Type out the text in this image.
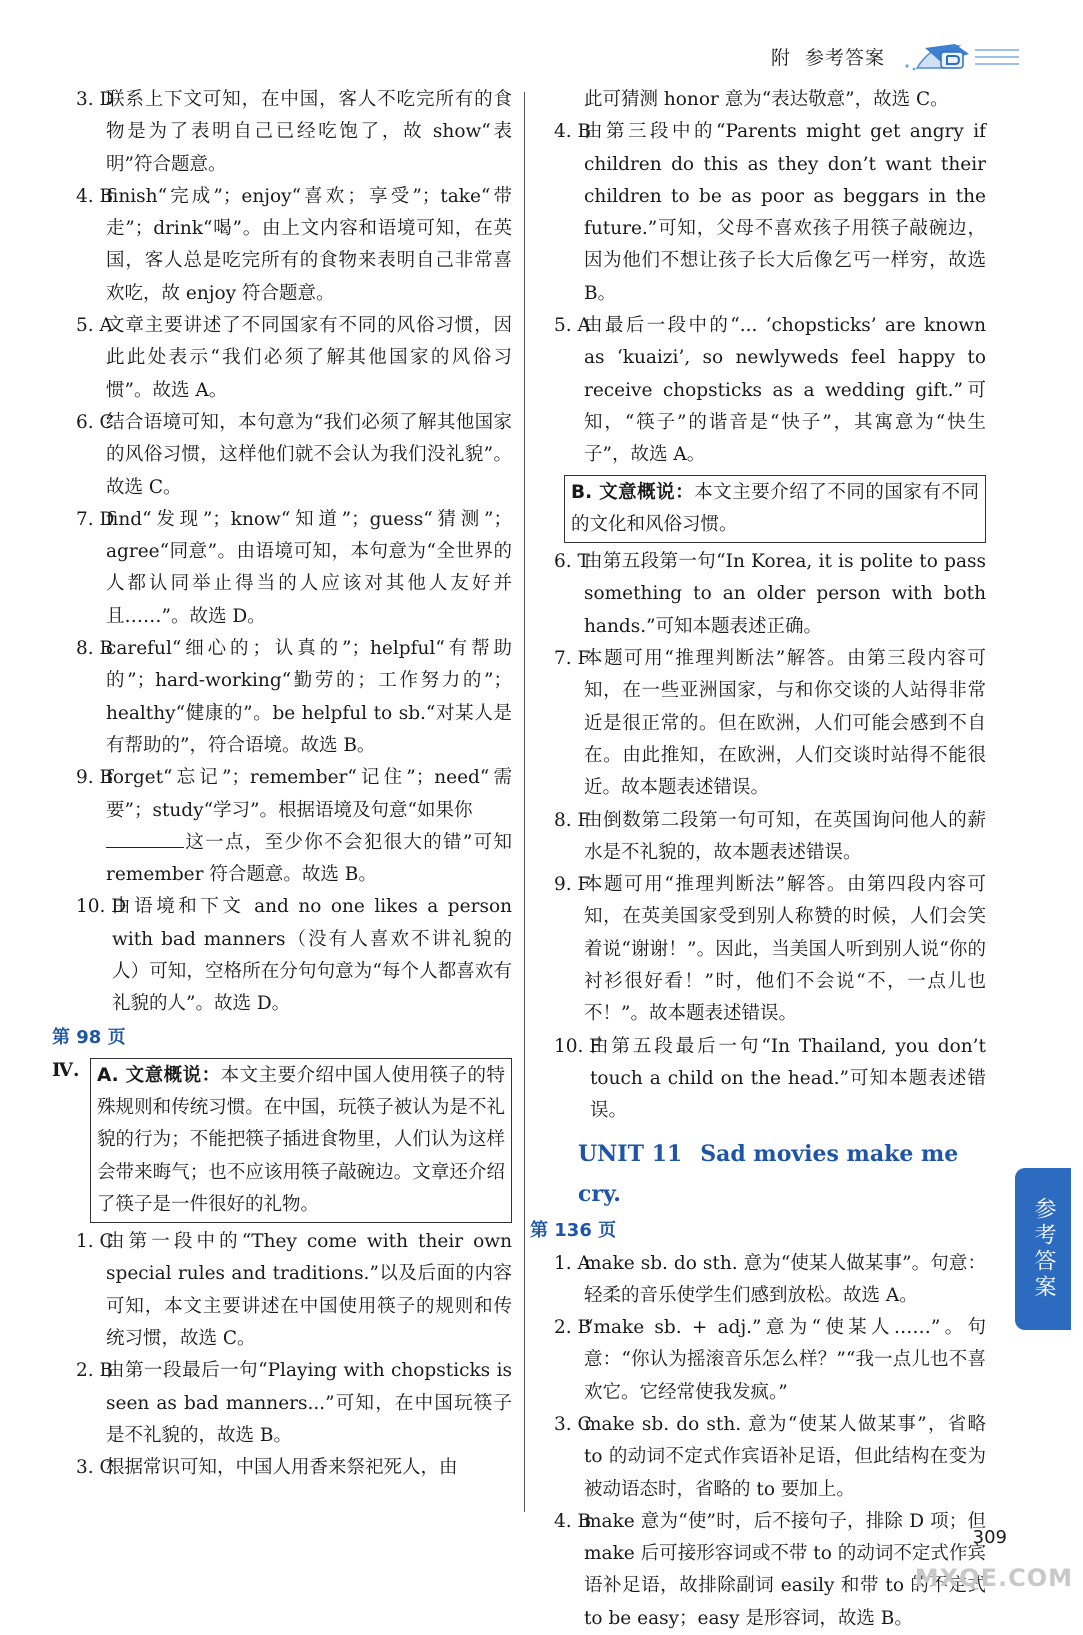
附 参考答案
3. D
联系上下文可知，在中国，客人不吃完所有的食物是为了表明自己已经吃饱了，故 show“表明”符合题意。
4. B
finish“完成”；enjoy“喜欢；享受”；take“带走”；drink“喝”。由上文内容和语境可知，在英国，客人总是吃完所有的食物来表明自己非常喜欢吃，故 enjoy 符合题意。
5. A
文章主要讲述了不同国家有不同的风俗习惯，因此此处表示“我们必须了解其他国家的风俗习惯”。故选 A。
6. C
结合语境可知，本句意为“我们必须了解其他国家的风俗习惯，这样他们就不会认为我们没礼貌”。故选 C。
7. D
find“发现”；know“知道”；guess“猜测”；agree“同意”。由语境可知，本句意为“全世界的人都认同举止得当的人应该对其他人友好并且……”。故选 D。
8. B
careful“细心的；认真的”；helpful“有帮助的”；hard-working“勤劳的；工作努力的”；healthy“健康的”。be helpful to sb.“对某人是有帮助的”，符合语境。故选 B。
9. B
forget“忘记”；remember“记住”；need“需要”；study“学习”。根据语境及句意“如果你
这一点，至少你不会犯很大的错”可知 remember 符合题意。故选 B。
10. D
由语境和下文 and no one likes a person with bad manners（没有人喜欢不讲礼貌的人）可知，空格所在分句句意为“每个人都喜欢有礼貌的人”。故选 D。
第 98 页
Ⅳ. A. 文意概说：本文主要介绍中国人使用筷子的特殊规则和传统习惯。在中国，玩筷子被认为是不礼貌的行为；不能把筷子插进食物里，人们认为这样会带来晦气；也不应该用筷子敲碗边。文章还介绍了筷子是一件很好的礼物。
1. C
由第一段中的“They come with their own special rules and traditions.”以及后面的内容可知，本文主要讲述在中国使用筷子的规则和传统习惯，故选 C。
2. B
由第一段最后一句“Playing with chopsticks is seen as bad manners...”可知，在中国玩筷子是不礼貌的，故选 B。
3. C
根据常识可知，中国人用香来祭祀死人，由
此可猜测 honor 意为“表达敬意”，故选 C。
4. B
由第三段中的“Parents might get angry if children do this as they don’t want their children to be as poor as beggars in the future.”可知，父母不喜欢孩子用筷子敲碗边，因为他们不想让孩子长大后像乞丐一样穷，故选 B。
5. A
由最后一段中的“... ‘chopsticks’ are known as ‘kuaizi’, so newlyweds feel happy to receive chopsticks as a wedding gift.”可知，“筷子”的谐音是“快子”，其寓意为“快生子”，故选 A。
B. 文意概说：本文主要介绍了不同的国家有不同的文化和风俗习惯。
6. T
由第五段第一句“In Korea, it is polite to pass something to an older person with both hands.”可知本题表述正确。
7. F
本题可用“推理判断法”解答。由第三段内容可知，在一些亚洲国家，与和你交谈的人站得非常近是很正常的。但在欧洲，人们可能会感到不自在。由此推知，在欧洲，人们交谈时站得不能很近。故本题表述错误。
8. F
由倒数第二段第一句可知，在英国询问他人的薪水是不礼貌的，故本题表述错误。
9. F
本题可用“推理判断法”解答。由第四段内容可知，在英美国家受到别人称赞的时候，人们会笑着说“谢谢！”。因此，当美国人听到别人说“你的衬衫很好看！”时，他们不会说“不，一点儿也不！”。故本题表述错误。
10. F
由第五段最后一句“In Thailand, you don’t touch a child on the head.”可知本题表述错误。
UNIT 11 Sad movies make me cry.
第 136 页
1. A
make sb. do sth. 意为“使某人做某事”。句意：轻柔的音乐使学生们感到放松。故选 A。
2. B
“make sb. + adj.”意为“使某人……”。句意：“你认为摇滚音乐怎么样？”“我一点儿也不喜欢它。它经常使我发疯。”
3. C
make sb. do sth. 意为“使某人做某事”，省略 to 的动词不定式作宾语补足语，但此结构在变为被动语态时，省略的 to 要加上。
4. B
make 意为“使”时，后不接句子，排除 D 项；但 make 后可接形容词或不带 to 的动词不定式作宾语补足语，故排除副词 easily 和带 to 的不定式 to be easy；easy 是形容词，故选 B。
参考答案
309
MXQE.COM
